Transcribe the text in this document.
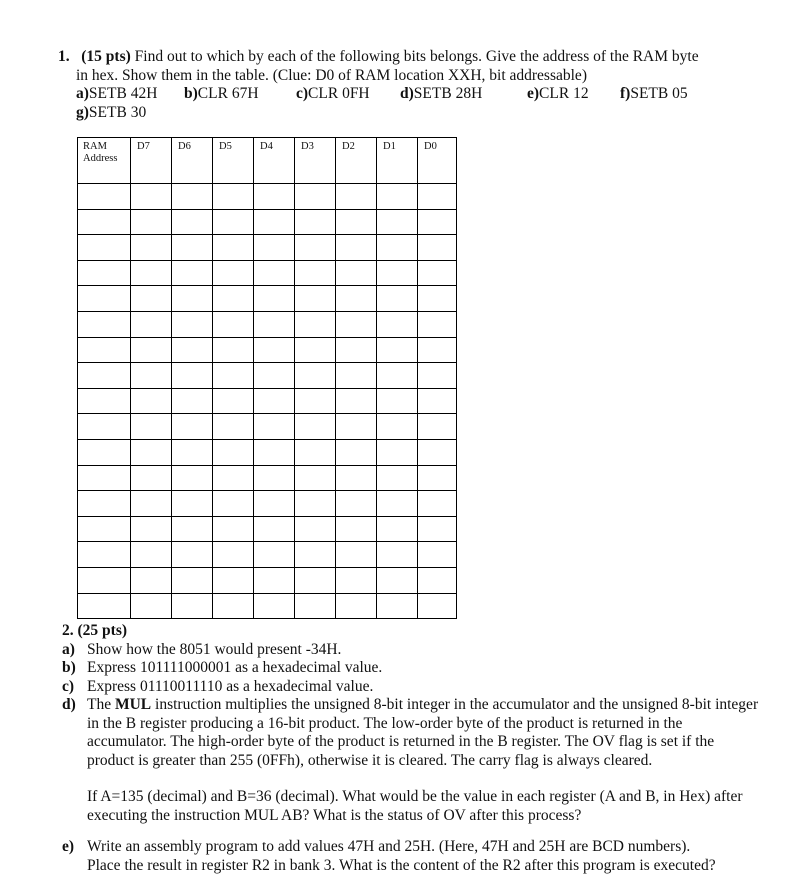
1. (15 pts) Find out to which by each of the following bits belongs. Give the address of the RAM byte
in hex. Show them in the table. (Clue: D0 of RAM location XXH, bit addressable)
a)SETB 42H b)CLR 67H c)CLR 0FH d)SETB 28H	e)CLR 12 f)SETB 05
g)SETB 30
RAM
Address	D7	D6	D5	D4	D3	D2	D1	D0

2. (25 pts)
a) Show how the 8051 would present -34H.
b) Express 101111000001 as a hexadecimal value.
c) Express 01110011110 as a hexadecimal value.
d) The MUL instruction multiplies the unsigned 8-bit integer in the accumulator and the unsigned 8-bit integer in the B register producing a 16-bit product. The low-order byte of the product is returned in the accumulator. The high-order byte of the product is returned in the B register. The OV flag is set if the product is greater than 255 (0FFh), otherwise it is cleared. The carry flag is always cleared.
If A=135 (decimal) and B=36 (decimal). What would be the value in each register (A and B, in Hex) after executing the instruction MUL AB? What is the status of OV after this process?
e) Write an assembly program to add values 47H and 25H. (Here, 47H and 25H are BCD numbers).
Place the result in register R2 in bank 3. What is the content of the R2 after this program is executed?
